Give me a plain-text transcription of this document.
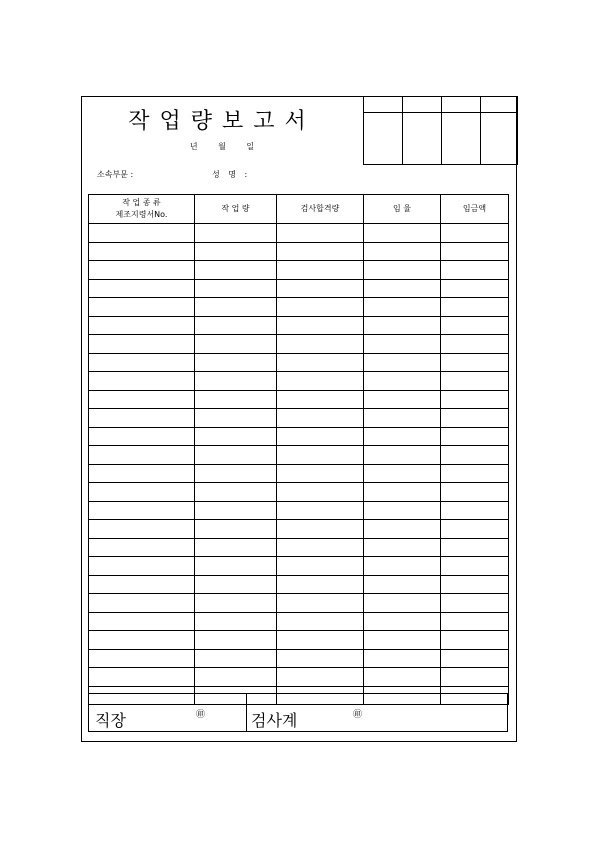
작업량보고서
년 월 일

소속부문 :	성 명 :
작 업 종 류
제조지령서No.	작 업 량	검사합격량	임 율	임금액

직장	㊞	검사계	㊞
